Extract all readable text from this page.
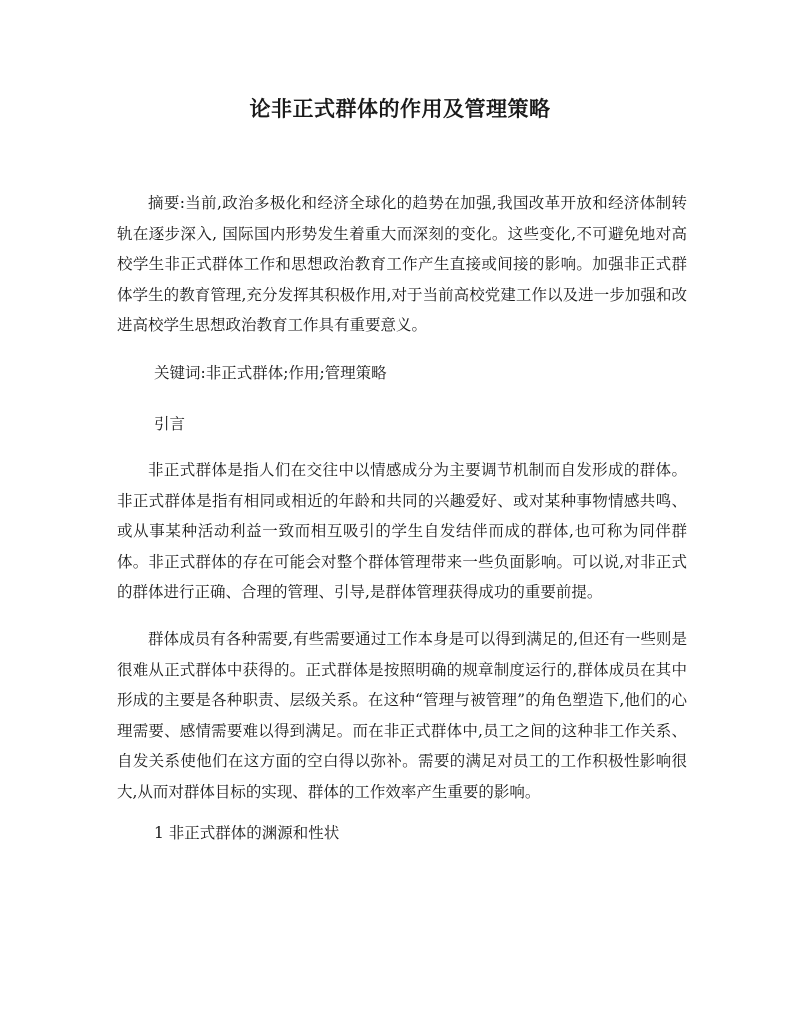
论非正式群体的作用及管理策略
摘要:当前,政治多极化和经济全球化的趋势在加强,我国改革开放和经济体制转轨在逐步深入, 国际国内形势发生着重大而深刻的变化。这些变化,不可避免地对高校学生非正式群体工作和思想政治教育工作产生直接或间接的影响。加强非正式群体学生的教育管理,充分发挥其积极作用,对于当前高校党建工作以及进一步加强和改进高校学生思想政治教育工作具有重要意义。
关键词:非正式群体;作用;管理策略
引言
非正式群体是指人们在交往中以情感成分为主要调节机制而自发形成的群体。非正式群体是指有相同或相近的年龄和共同的兴趣爱好、或对某种事物情感共鸣、或从事某种活动利益一致而相互吸引的学生自发结伴而成的群体,也可称为同伴群体。非正式群体的存在可能会对整个群体管理带来一些负面影响。可以说,对非正式的群体进行正确、合理的管理、引导,是群体管理获得成功的重要前提。
群体成员有各种需要,有些需要通过工作本身是可以得到满足的,但还有一些则是很难从正式群体中获得的。正式群体是按照明确的规章制度运行的,群体成员在其中形成的主要是各种职责、层级关系。在这种“管理与被管理”的角色塑造下,他们的心理需要、感情需要难以得到满足。而在非正式群体中,员工之间的这种非工作关系、自发关系使他们在这方面的空白得以弥补。需要的满足对员工的工作积极性影响很大,从而对群体目标的实现、群体的工作效率产生重要的影响。
1 非正式群体的渊源和性状
